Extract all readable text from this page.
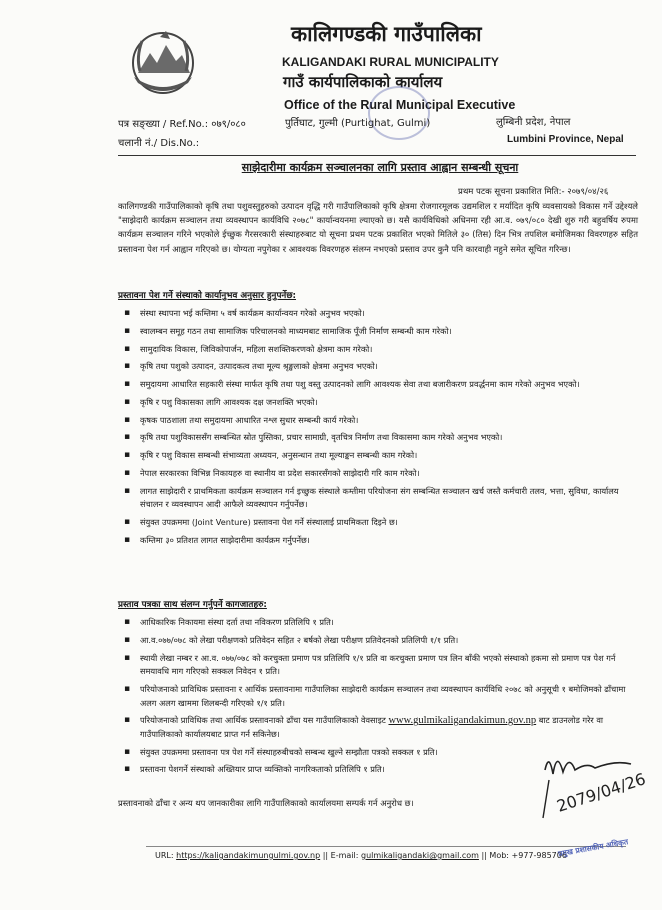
कालिगण्डकी गाउँपालिका
KALIGANDAKI RURAL MUNICIPALITY
गाउँ कार्यपालिकाको कार्यालय
Office of the Rural Municipal Executive
पत्र सङ्ख्या / Ref.No.: ०७९/०८०
चलानी नं./ Dis.No.:
पुर्तिघाट, गुल्मी (Purtighat, Gulmi)	लुम्बिनी प्रदेश, नेपाल
Lumbini Province, Nepal
साझेदारीमा कार्यक्रम सञ्चालनका लागि प्रस्ताव आह्वान सम्बन्धी सूचना
प्रथम पटक सूचना प्रकाशित मिति:- २०७९/०४/२६
कालिगण्डकी गाउँपालिकाको कृषि तथा पशुवस्तुहरुको उत्पादन वृद्धि गरी गाउँपालिकाको कृषि क्षेत्रमा रोजगारमूलक उद्यमशिल र मर्यादित कृषि व्यवसायको विकास गर्ने उद्देश्यले "साझेदारी कार्यक्रम सञ्चालन तथा व्यवस्थापन कार्यविधि २०७८" कार्यान्वयनमा ल्याएको छ। यसै कार्यविधिको अधिनमा रही आ.व. ०७९/०८० देखी शुरु गरी बहुवर्षिय रुपमा कार्यक्रम सञ्चालन गरिने भएकोले ईच्छुक गैरसरकारी संस्थाहरुबाट यो सूचना प्रथम पटक प्रकाशित भएको मितिले ३० (तिस) दिन भित्र तपशिल बमोजिमका विवरणहरु सहित प्रस्तावना पेश गर्न आह्वान गरिएको छ। योग्यता नपुगेका र आवश्यक विवरणहरु संलग्न नभएको प्रस्ताव उपर कुनै पनि कारवाही नहुने समेत सूचित गरिन्छ।
प्रस्तावना पेश गर्ने संस्थाको कार्यानुभव अनुसार हुनुपर्नेछ:
▪ संस्था स्थापना भई कम्तिमा ५ वर्ष कार्यक्रम कार्यान्वयन गरेको अनुभव भएको।
▪ स्वालम्बन समूह गठन तथा सामाजिक परिचालनको माध्यमबाट सामाजिक पूँजी निर्माण सम्बन्धी काम गरेको।
▪ सामुदायिक विकास, जिविकोपार्जन, महिला सशक्तिकरणको क्षेत्रमा काम गरेको।
▪ कृषि तथा पशुको उत्पादन, उत्पादकत्व तथा मूल्य श्रृङ्खलाको क्षेत्रमा अनुभव भएको।
▪ समुदायमा आधारित सहकारी संस्था मार्फत कृषि तथा पशु वस्तु उत्पादनको लागि आवश्यक सेवा तथा बजारीकरण प्रवर्द्धनमा काम गरेको अनुभव भएको।
▪ कृषि र पशु विकासका लागि आवश्यक दक्ष जनशक्ति भएको।
▪ कृषक पाठशाला तथा समुदायमा आधारित नश्ल सुधार सम्बन्धी कार्य गरेको।
▪ कृषि तथा पशुविकाससँग सम्बन्धित स्रोत पुस्तिका, प्रचार सामाग्री, वृतचित्र निर्माण तथा विकासमा काम गरेको अनुभव भएको।
▪ कृषि र पशु विकास सम्बन्धी संभाव्यता अध्ययन, अनुसन्धान तथा मूल्याङ्कन सम्बन्धी काम गरेको।
▪ नेपाल सरकारका विभिन्न निकायहरु वा स्थानीय वा प्रदेश सकारसँगको साझेदारी गरि काम गरेको।
▪ लागत साझेदारी र प्राथमिकता कार्यक्रम सञ्चालन गर्न इच्छुक संस्थाले कम्तीमा परियोजना संग सम्बन्धित सञ्चालन खर्च जस्तै कर्मचारी तलव, भत्ता, सुविधा, कार्यालय संचालन र व्यवस्थापन आदी आफैले व्यवस्थापन गर्नुपर्नेछ।
▪ संयुक्त उपक्रममा (Joint Venture) प्रस्तावना पेश गर्ने संस्थालाई प्राथमिकता दिइने छ।
▪ कम्तिमा ३० प्रतिशत लागत साझेदारीमा कार्यक्रम गर्नुपर्नेछ।
प्रस्ताव पत्रका साथ संलग्न गर्नुपर्ने कागजातहरु:
▪ आधिकारिक निकायमा संस्था दर्ता तथा नविकरण प्रतिलिपि १ प्रति।
▪ आ.व.०७७/०७८ को लेखा परीक्षणको प्रतिवेदन सहित २ बर्षको लेखा परीक्षण प्रतिवेदनको प्रतिलिपी १/१ प्रति।
▪ स्थायी लेखा नम्बर र आ.व. ०७७/०७८ को करचुक्ता प्रमाण पत्र प्रतिलिपि १/१ प्रति वा करचुक्ता प्रमाण पत्र लिन बाँकी भएको संस्थाको हकमा सो प्रमाण पत्र पेश गर्न समयावधि माग गरिएको सक्कल निवेदन १ प्रति।
▪ परियोजनाको प्राविधिक प्रस्तावना र आर्थिक प्रस्तावनामा गाउँपालिका साझेदारी कार्यक्रम सञ्चालन तथा व्यवस्थापन कार्यविधि २०७८ को अनुसूची १ बमोजिमको ढाँचामा अलग अलग खाममा शिलबन्दी गरिएको १/१ प्रति।
▪ परियोजनाको प्राविधिक तथा आर्थिक प्रस्तावनाको ढाँचा यस गाउँपालिकाको वेवसाइट www.gulmikaligandakimun.gov.np बाट डाउनलोड गरेर वा गाउँपालिकाको कार्यालयबाट प्राप्त गर्न सकिनेछ।
▪ संयुक्त उपक्रममा प्रस्तावना पत्र पेश गर्ने संस्थाहरुबीचको सम्बन्ध खुल्ने सम्झौता पत्रको सक्कल १ प्रति।
▪ प्रस्तावना पेशगर्ने संस्थाको अख्तियार प्राप्त व्यक्तिको नागरिकताको प्रतिलिपि १ प्रति।
प्रस्तावनाको ढाँचा र अन्य थप जानकारीका लागि गाउँपालिकाको कार्यालयमा सम्पर्क गर्न अनुरोध छ।	2079/04/26
URL: https://kaligandakimungulmi.gov.np || E-mail: gulmikaligandaki@gmail.com || Mob: +977-985706
प्रमुख प्रशासकीय अधिकृत
